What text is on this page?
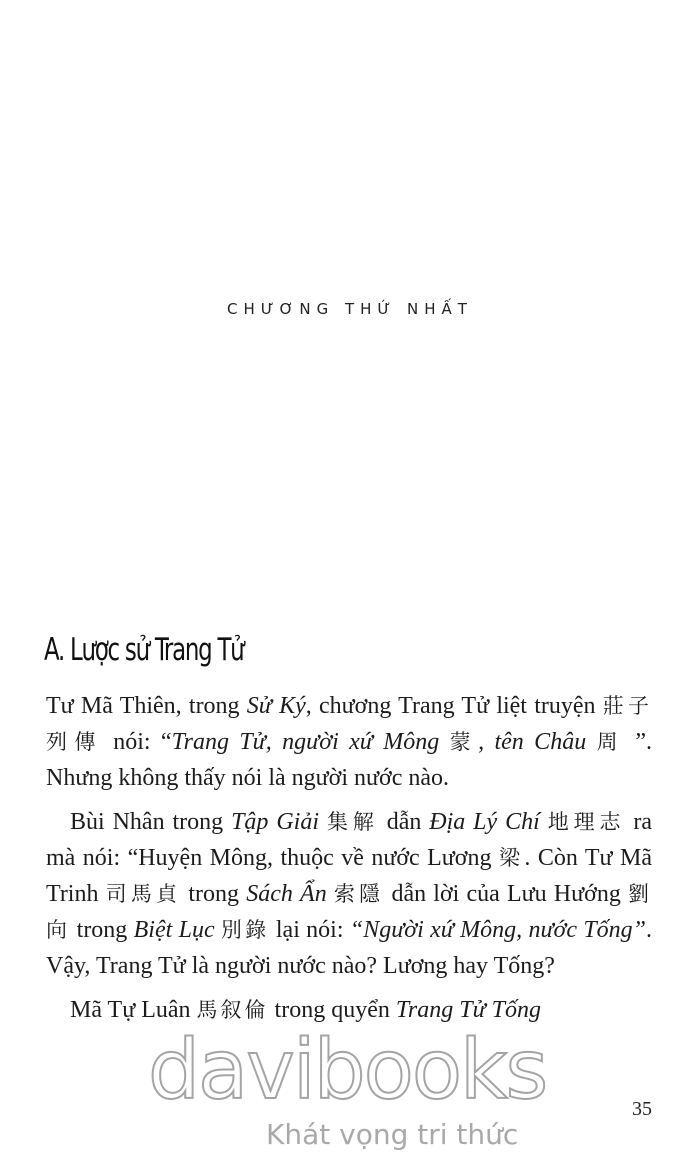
CHƯƠNG THỨ NHẤT
A. Lược sử Trang Tử

Tư Mã Thiên, trong Sử Ký, chương Trang Tử liệt truyện 莊子列傳 nói: “Trang Tử, người xứ Mông 蒙, tên Châu 周 ”. Nhưng không thấy nói là người nước nào.

Bùi Nhân trong Tập Giải 集解 dẫn Địa Lý Chí 地理志 ra mà nói: “Huyện Mông, thuộc về nước Lương 梁. Còn Tư Mã Trinh 司馬貞 trong Sách Ẩn 索隱 dẫn lời của Lưu Hướng 劉向 trong Biệt Lục 別錄 lại nói: “Người xứ Mông, nước Tống”. Vậy, Trang Tử là người nước nào? Lương hay Tống?

Mã Tự Luân 馬叙倫 trong quyển Trang Tử Tống

davibooks
Khát vọng tri thức
35
